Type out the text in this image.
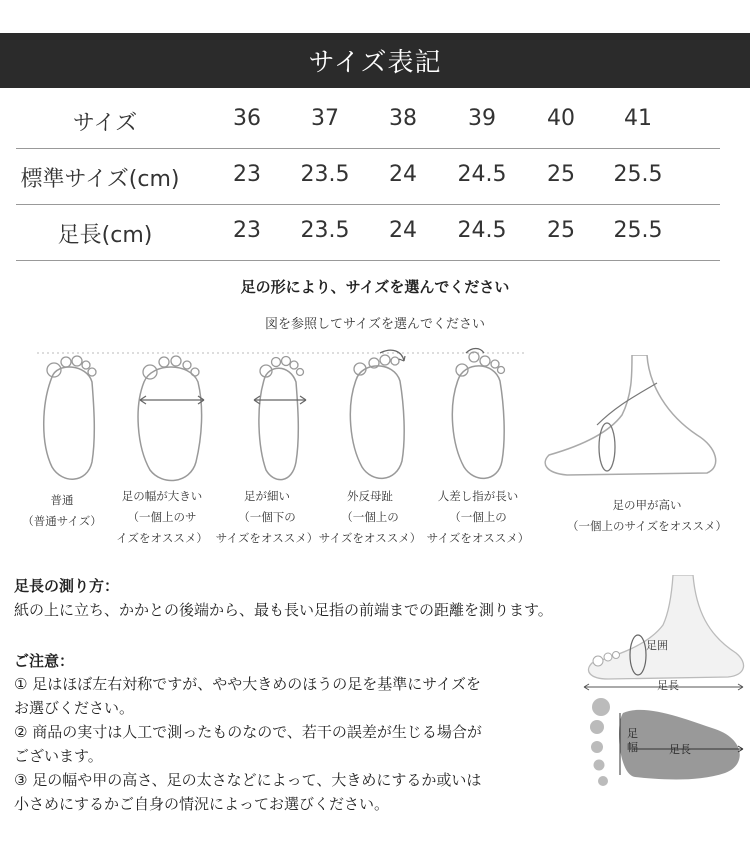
サイズ表記
サイズ	36	37	38	39	40	41
標準サイズ(cm)	23	23.5	24	24.5	25	25.5
足長(cm)	23	23.5	24	24.5	25	25.5
足の形により、サイズを選んでください
図を参照してサイズを選んでください
普通
（普通サイズ）
足の幅が大きい
（一個上のサ
イズをオススメ）
足が細い
（一個下の
サイズをオススメ）
外反母趾
（一個上の
サイズをオススメ）
人差し指が長い
（一個上の
サイズをオススメ）
足の甲が高い
（一個上のサイズをオススメ）
足長の測り方：
紙の上に立ち、かかとの後端から、最も長い足指の前端までの距離を測ります。
ご注意：
① 足はほぼ左右対称ですが、やや大きめのほうの足を基準にサイズを
お選びください。
② 商品の実寸は人工で測ったものなので、若干の誤差が生じる場合が
ございます。
③ 足の幅や甲の高さ、足の太さなどによって、大きめにするか或いは
小さめにするかご自身の情況によってお選びください。
足囲
足長
足 幅	足長
